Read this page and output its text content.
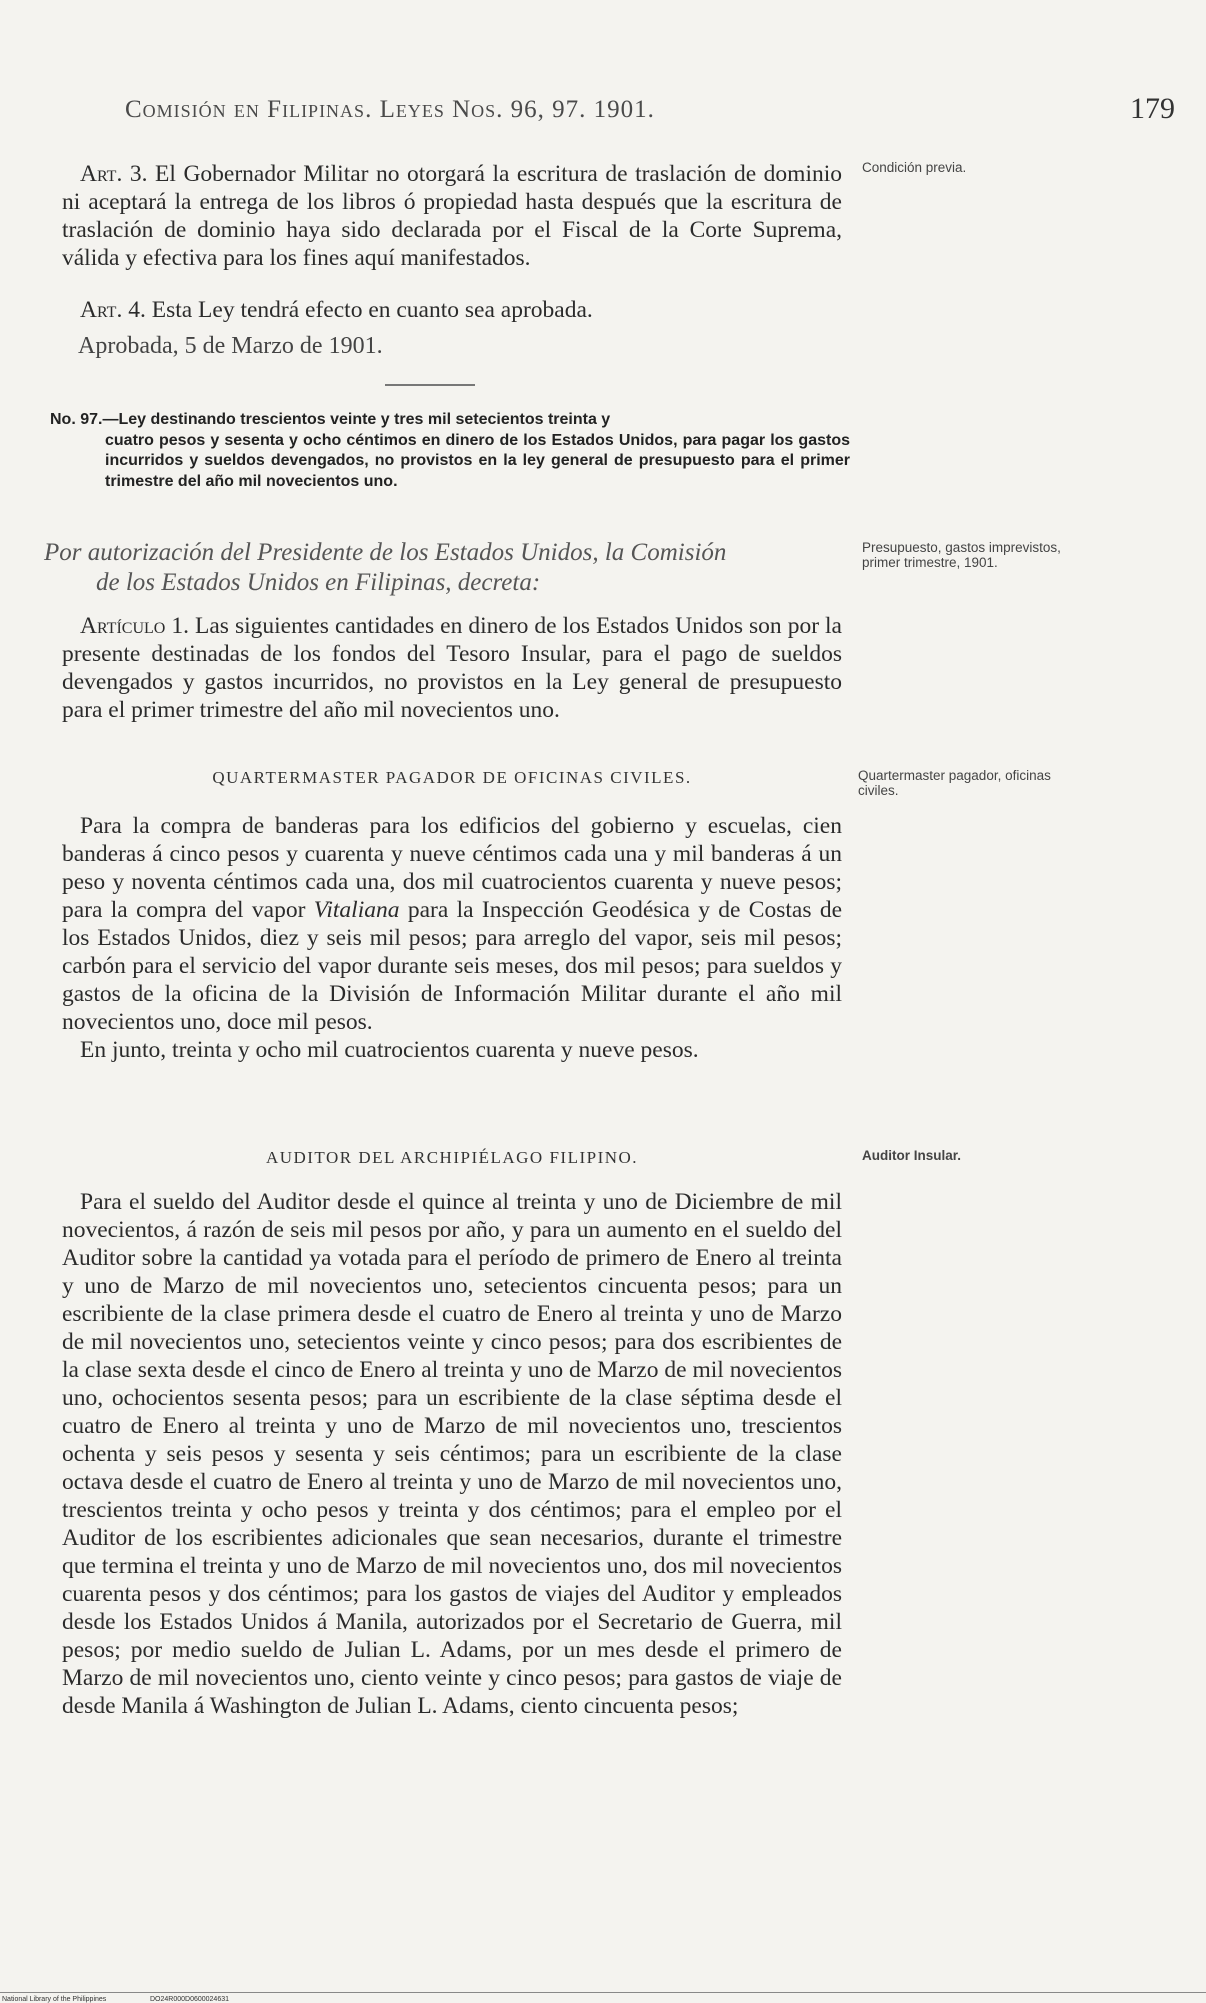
Comisión en Filipinas. Leyes Nos. 96, 97. 1901.	179

Art. 3. El Gobernador Militar no otorgará la escritura de traslación de dominio ni aceptará la entrega de los libros ó propiedad hasta después que la escritura de traslación de dominio haya sido declarada por el Fiscal de la Corte Suprema, válida y efectiva para los fines aquí manifestados.

Condición previa.

Art. 4. Esta Ley tendrá efecto en cuanto sea aprobada.

Aprobada, 5 de Marzo de 1901.
No. 97.—Ley destinando trescientos veinte y tres mil setecientos treinta y
cuatro pesos y sesenta y ocho céntimos en dinero de los Estados Unidos, para pagar los gastos incurridos y sueldos devengados, no provistos en la ley general de presupuesto para el primer trimestre del año mil novecientos uno.
Por autorización del Presidente de los Estados Unidos, la Comisión
de los Estados Unidos en Filipinas, decreta:
Presupuesto, gastos imprevistos, primer trimestre, 1901.

Artículo 1. Las siguientes cantidades en dinero de los Estados Unidos son por la presente destinadas de los fondos del Tesoro Insular, para el pago de sueldos devengados y gastos incurridos, no provistos en la Ley general de presupuesto para el primer trimestre del año mil novecientos uno.

QUARTERMASTER PAGADOR DE OFICINAS CIVILES.	Quartermaster pagador, oficinas civiles.

Para la compra de banderas para los edificios del gobierno y escuelas, cien banderas á cinco pesos y cuarenta y nueve céntimos cada una y mil banderas á un peso y noventa céntimos cada una, dos mil cuatrocientos cuarenta y nueve pesos; para la compra del vapor Vitaliana para la Inspección Geodésica y de Costas de los Estados Unidos, diez y seis mil pesos; para arreglo del vapor, seis mil pesos; carbón para el servicio del vapor durante seis meses, dos mil pesos; para sueldos y gastos de la oficina de la División de Información Militar durante el año mil novecientos uno, doce mil pesos.

En junto, treinta y ocho mil cuatrocientos cuarenta y nueve pesos.

AUDITOR DEL ARCHIPIÉLAGO FILIPINO.	Auditor Insular.

Para el sueldo del Auditor desde el quince al treinta y uno de Diciembre de mil novecientos, á razón de seis mil pesos por año, y para un aumento en el sueldo del Auditor sobre la cantidad ya votada para el período de primero de Enero al treinta y uno de Marzo de mil novecientos uno, setecientos cincuenta pesos; para un escribiente de la clase primera desde el cuatro de Enero al treinta y uno de Marzo de mil novecientos uno, setecientos veinte y cinco pesos; para dos escribientes de la clase sexta desde el cinco de Enero al treinta y uno de Marzo de mil novecientos uno, ochocientos sesenta pesos; para un escribiente de la clase séptima desde el cuatro de Enero al treinta y uno de Marzo de mil novecientos uno, trescientos ochenta y seis pesos y sesenta y seis céntimos; para un escribiente de la clase octava desde el cuatro de Enero al treinta y uno de Marzo de mil novecientos uno, trescientos treinta y ocho pesos y treinta y dos céntimos; para el empleo por el Auditor de los escribientes adicionales que sean necesarios, durante el trimestre que termina el treinta y uno de Marzo de mil novecientos uno, dos mil novecientos cuarenta pesos y dos céntimos; para los gastos de viajes del Auditor y empleados desde los Estados Unidos á Manila, autorizados por el Secretario de Guerra, mil pesos; por medio sueldo de Julian L. Adams, por un mes desde el primero de Marzo de mil novecientos uno, ciento veinte y cinco pesos; para gastos de viaje de desde Manila á Washington de Julian L. Adams, ciento cincuenta pesos;

National Library of the Philippines	DO24R000D0600024631
